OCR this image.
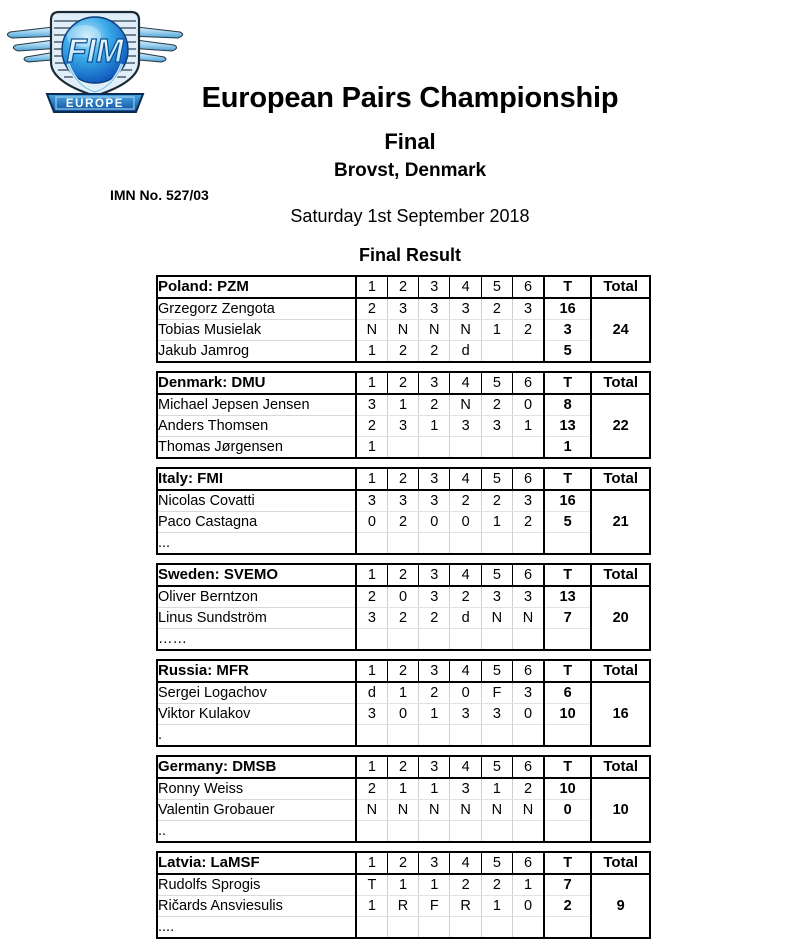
FIM
EUROPE	European Pairs Championship
Final
Brovst, Denmark
IMN No. 527/03
Saturday 1st September 2018
Final Result
Poland: PZM	1	2	3	4	5	6	T	Total
Grzegorz Zengota	2	3	3	3	2	3	16	24
Tobias Musielak	N	N	N	N	1	2	3	
Jakub Jamrog	1	2	2	d			5	
Denmark: DMU	1	2	3	4	5	6	T	Total
Michael Jepsen Jensen	3	1	2	N	2	0	8	22
Anders Thomsen	2	3	1	3	3	1	13	
Thomas Jørgensen	1						1	
Italy: FMI	1	2	3	4	5	6	T	Total
Nicolas Covatti	3	3	3	2	2	3	16	21
Paco Castagna	0	2	0	0	1	2	5	
...								
Sweden: SVEMO	1	2	3	4	5	6	T	Total
Oliver Berntzon	2	0	3	2	3	3	13	20
Linus Sundström	3	2	2	d	N	N	7	
……								
Russia: MFR	1	2	3	4	5	6	T	Total
Sergei Logachov	d	1	2	0	F	3	6	16
Viktor Kulakov	3	0	1	3	3	0	10	
.								
Germany: DMSB	1	2	3	4	5	6	T	Total
Ronny Weiss	2	1	1	3	1	2	10	10
Valentin Grobauer	N	N	N	N	N	N	0	
..								
Latvia: LaMSF	1	2	3	4	5	6	T	Total
Rudolfs Sprogis	T	1	1	2	2	1	7	9
Ričards Ansviesulis	1	R	F	R	1	0	2	
....								
